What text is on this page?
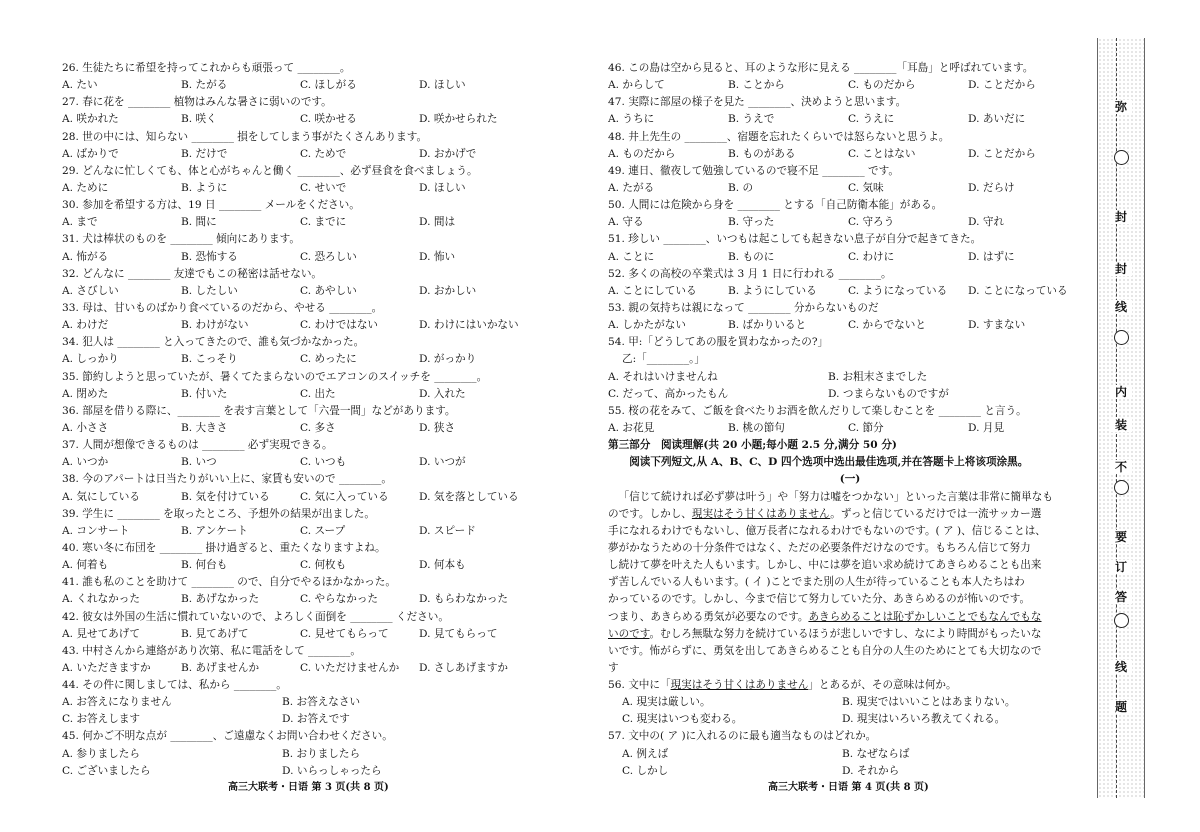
26. 生徒たちに希望を持ってこれからも頑張って ________。
A. たい	B. たがる	C. ほしがる	D. ほしい
27. 春に花を ________ 植物はみんな暑さに弱いのです。
A. 咲かれた	B. 咲く	C. 咲かせる	D. 咲かせられた
28. 世の中には、知らない ________ 損をしてしまう事がたくさんあります。
A. ばかりで	B. だけで	C. ためで	D. おかげで
29. どんなに忙しくても、体と心がちゃんと働く ________、必ず昼食を食べましょう。
A. ために	B. ように	C. せいで	D. ほしい
30. 参加を希望する方は、19 日 ________ メールをください。
A. まで	B. 間に	C. までに	D. 間は
31. 犬は棒状のものを ________ 傾向にあります。
A. 怖がる	B. 恐怖する	C. 恐ろしい	D. 怖い
32. どんなに ________ 友達でもこの秘密は話せない。
A. さびしい	B. したしい	C. あやしい	D. おかしい
33. 母は、甘いものばかり食べているのだから、やせる ________。
A. わけだ	B. わけがない	C. わけではない	D. わけにはいかない
34. 犯人は ________ と入ってきたので、誰も気づかなかった。
A. しっかり	B. こっそり	C. めったに	D. がっかり
35. 節約しようと思っていたが、暑くてたまらないのでエアコンのスイッチを ________。
A. 閉めた	B. 付いた	C. 出た	D. 入れた
36. 部屋を借りる際に、________ を表す言葉として「六畳一間」などがあります。
A. 小ささ	B. 大きさ	C. 多さ	D. 狭さ
37. 人間が想像できるものは ________ 必ず実現できる。
A. いつか	B. いつ	C. いつも	D. いつが
38. 今のアパートは日当たりがいい上に、家賃も安いので ________。
A. 気にしている	B. 気を付けている	C. 気に入っている	D. 気を落としている
39. 学生に ________ を取ったところ、予想外の結果が出ました。
A. コンサート	B. アンケート	C. スープ	D. スピード
40. 寒い冬に布団を ________ 掛け過ぎると、重たくなりますよね。
A. 何着も	B. 何台も	C. 何枚も	D. 何本も
41. 誰も私のことを助けて ________ ので、自分でやるほかなかった。
A. くれなかった	B. あげなかった	C. やらなかった	D. もらわなかった
42. 彼女は外国の生活に慣れていないので、よろしく面倒を ________ ください。
A. 見せてあげて	B. 見てあげて	C. 見せてもらって	D. 見てもらって
43. 中村さんから連絡があり次第、私に電話をして ________。
A. いただきますか	B. あげませんか	C. いただけませんか D. さしあげますか
44. その件に関しましては、私から ________。
A. お答えになりません	B. お答えなさい
C. お答えします	D. お答えです
45. 何かご不明な点が ________、ご遠慮なくお問い合わせください。
A. 参りましたら	B. おりましたら
C. ございましたら	D. いらっしゃったら
46. この島は空から見ると、耳のような形に見える ________「耳島」と呼ばれています。
A. からして	B. ことから	C. ものだから	D. ことだから
47. 実際に部屋の様子を見た ________、決めようと思います。
A. うちに	B. うえで	C. うえに	D. あいだに
48. 井上先生の ________、宿題を忘れたくらいでは怒らないと思うよ。
A. ものだから	B. ものがある	C. ことはない	D. ことだから
49. 連日、徹夜して勉強しているので寝不足 ________ です。
A. たがる	B. の	C. 気味	D. だらけ
50. 人間には危険から身を ________ とする「自己防衛本能」がある。
A. 守る	B. 守った	C. 守ろう	D. 守れ
51. 珍しい ________、いつもは起こしても起きない息子が自分で起きてきた。
A. ことに	B. ものに	C. わけに	D. はずに
52. 多くの高校の卒業式は 3 月 1 日に行われる ________。
A. ことにしている	B. ようにしている	C. ようになっている D. ことになっている
53. 親の気持ちは親になって ________ 分からないものだ
A. しかたがない	B. ばかりいると	C. からでないと	D. すまない
54. 甲:「どうしてあの服を買わなかったの?」
乙:「________。」
A. それはいけませんね	B. お粗末さまでした
C. だって、高かったもん	D. つまらないものですが
55. 桜の花をみて、ご飯を食べたりお酒を飲んだりして楽しむことを ________ と言う。
A. お花見	B. 桃の節句	C. 節分	D. 月見
第三部分　阅读理解(共 20 小题;每小题 2.5 分,满分 50 分)
阅读下列短文,从 A、B、C、D 四个选项中选出最佳选项,并在答题卡上将该项涂黑。
(一)

「信じて続ければ必ず夢は叶う」や「努力は嘘をつかない」といった言葉は非常に簡単なも

のです。しかし、現実はそう甘くはありません。ずっと信じているだけでは一流サッカー選

手になれるわけでもないし、億万長者になれるわけでもないのです。( ア )、信じることは、

夢がかなうための十分条件ではなく、ただの必要条件だけなのです。もちろん信じて努力

し続けて夢を叶えた人もいます。しかし、中には夢を追い求め続けてあきらめることも出来

ず苦しんでいる人もいます。( イ )ことでまた別の人生が待っていることも本人たちはわ

かっているのです。しかし、今まで信じて努力していた分、あきらめるのが怖いのです。

つまり、あきらめる勇気が必要なのです。あきらめることは恥ずかしいことでもなんでもな

いのです。むしろ無駄な努力を続けているほうが悲しいですし、なにより時間がもったいな

いです。怖がらずに、勇気を出してあきらめることも自分の人生のためにとても大切なので

す

56. 文中に「現実はそう甘くはありません」とあるが、その意味は何か。
A. 現実は厳しい。	B. 現実ではいいことはあまりない。
C. 現実はいつも変わる。	D. 現実はいろいろ教えてくれる。
57. 文中の( ア )に入れるのに最も適当なものはどれか。
A. 例えば	B. なぜならば
C. しかし	D. それから
高三大联考・日语 第 3 页(共 8 页)	高三大联考・日语 第 4 页(共 8 页)
弥
封
封
线
内
装
不
要
订
答
线
题
